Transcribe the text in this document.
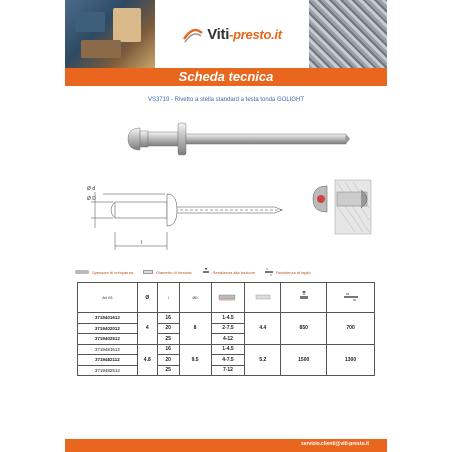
Viti-presto.it
Scheda tecnica
VS3719 - Rivetto a stella standard a testa tonda GOLIGHT
Ø d
Ø D
l
Spessore di crimpatura	Diametro di foratura	Resistenza alla trazione	Resistenza al taglio
Art VS	Ø	l	ØD				
3719401612	4	16	8	1-4.5	4.4	850	700
3719402012		20		2-7.5			
3719402512		25		4-12			
3719481612	4.8	16	9.5	1-4.5	5.2	1500	1300
3719482112		20		4-7.5			
3719482512		25		7-12			
servizio.clienti@viti-presto.it
